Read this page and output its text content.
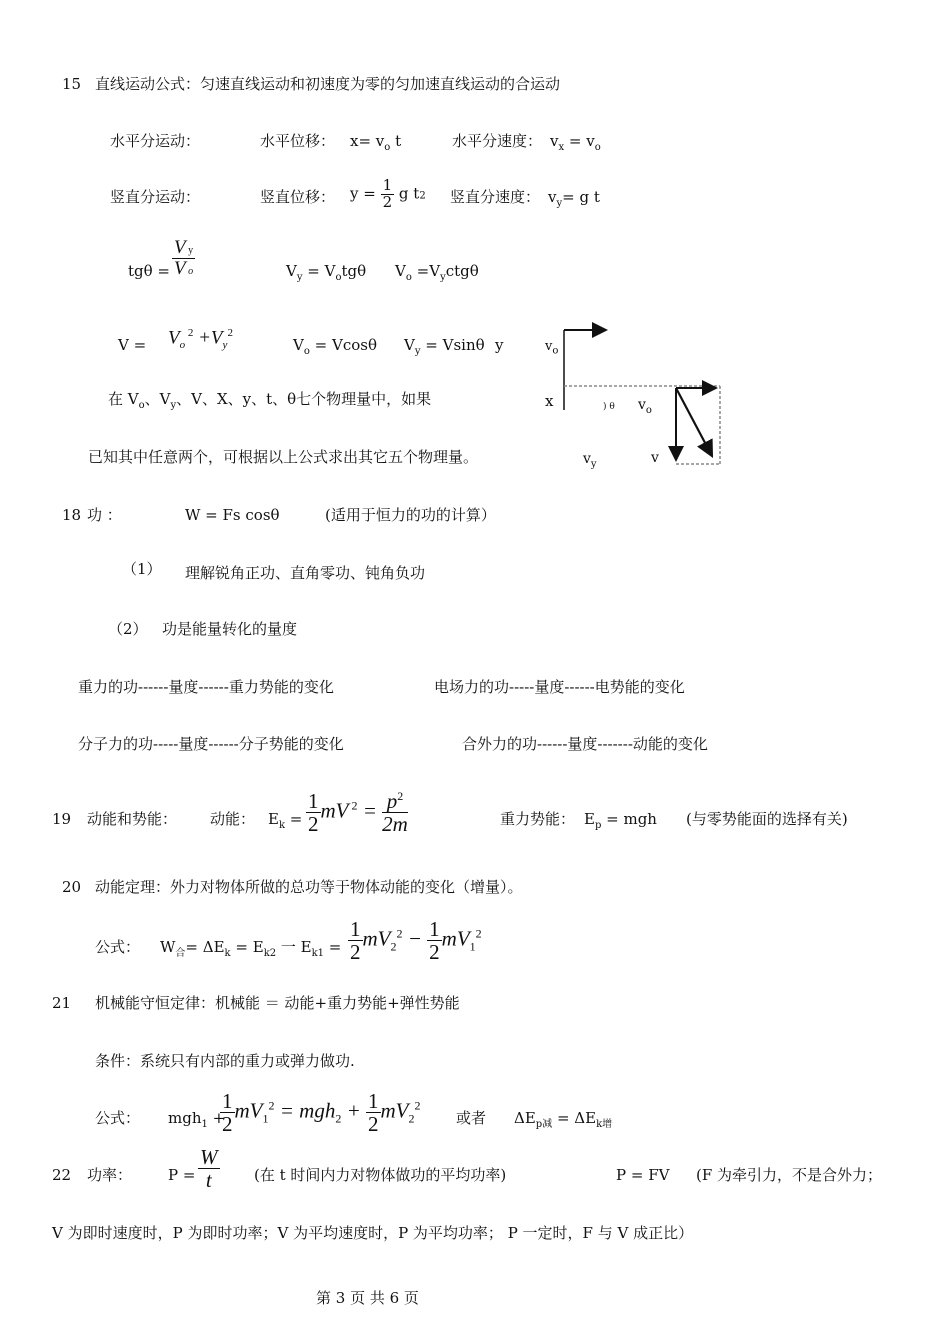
15 直线运动公式：匀速直线运动和初速度为零的匀加速直线运动的合运动
水平分运动：	水平位移： $x= v_o$ t	水平分速度： $v_x = v_o$
竖直分运动：	竖直位移： $y = \frac{1}{2}$ g t2 竖直分速度： $v_y= g$ t
$tg\theta = \frac{\text{V y}}{\text{V o}}$	$V_y = V_otg\theta$ $V_o =V_yctg\theta$
$V = V_o$ $^2 +V_y^2$
$V_o = Vcos\theta$ $V_y = Vsin\theta$
在 $V_o$、$V_y$、V、X、y、t、θ七个物理量中，如果
已知其中任意两个，可根据以上公式求出其它五个物理量。
y	$v_o$
x	) θ $v_o$
$v_y$	v
18 功 ：	W = Fs cosθ	(适用于恒力的功的计算）
（1） 理解锐角正功、直角零功、钝角负功
（2） 功是能量转化的量度
重力的功------量度------重力势能的变化	电场力的功-----量度------电势能的变化
分子力的功-----量度------分子势能的变化	合外力的功------量度-------动能的变化
19 动能和势能： 动能： $E_k = \frac{1}{2}$ mV $^2 = \frac{p^2}{2m}$	重力势能： $E_p$ = mgh (与零势能面的选择有关)
20 动能定理：外力对物体所做的总功等于物体动能的变化（增量）。
公式： $W_合= \Delta E_k = E_{k2}$ 一 $E_{k1} = \frac{1}{2} mV_2^2 - \frac{1}{2} mV_1^2$
21 机械能守恒定律：机械能 ＝ 动能+重力势能+弹性势能
条件：系统只有内部的重力或弹力做功.
公式： mgh$_1$ +
$\frac{1}{2} mV_1^2 = mgh_2 + \frac{1}{2} mV_2^2$
或者 $\Delta E_{p减} = \Delta E_{k增}$
22 功率： $P = \frac{W}{t}$ (在 t 时间内力对物体做功的平均功率)	P = FV (F 为牵引力，不是合外力；
V 为即时速度时，P 为即时功率；V 为平均速度时，P 为平均功率； P 一定时，F 与 V 成正比）
第 3 页 共 6 页
